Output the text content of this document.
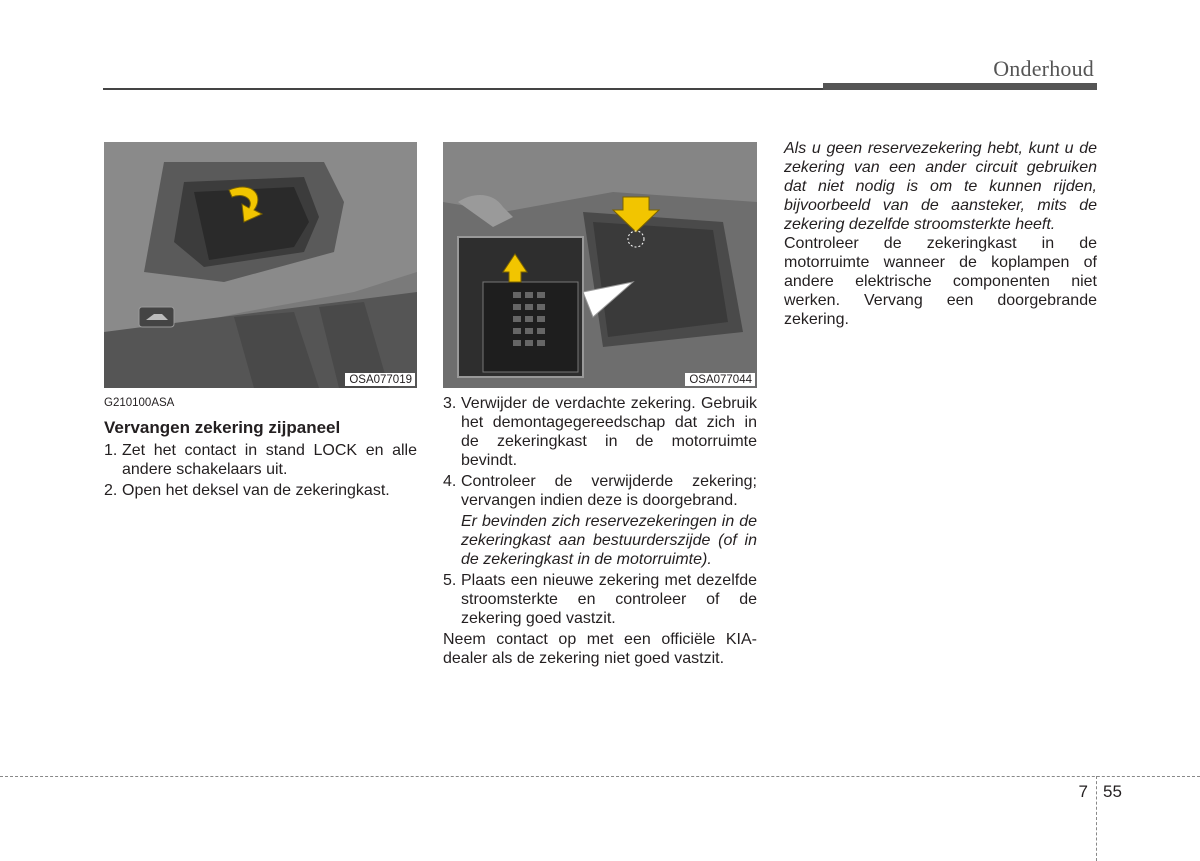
Onderhoud
OSA077019	OSA077044
G210100ASA
Vervangen zekering zijpaneel
1. Zet het contact in stand LOCK en alle andere schakelaars uit.
2. Open het deksel van de zekeringkast.
3. Verwijder de verdachte zekering. Gebruik het demontagegereedschap dat zich in de zekeringkast in de motorruimte bevindt.
4. Controleer de verwijderde zekering; vervangen indien deze is doorgebrand.
Er bevinden zich reservezekeringen in de zekeringkast aan bestuurderszijde (of in de zekeringkast in de motorruimte).
5. Plaats een nieuwe zekering met dezelfde stroomsterkte en controleer of de zekering goed vastzit.
Neem contact op met een officiële KIA-dealer als de zekering niet goed vastzit.
Als u geen reservezekering hebt, kunt u de zekering van een ander circuit gebruiken dat niet nodig is om te kunnen rijden, bijvoorbeeld van de aansteker, mits de zekering dezelfde stroomsterkte heeft.
Controleer de zekeringkast in de motorruimte wanneer de koplampen of andere elektrische componenten niet werken. Vervang een doorgebrande zekering.
7 55
